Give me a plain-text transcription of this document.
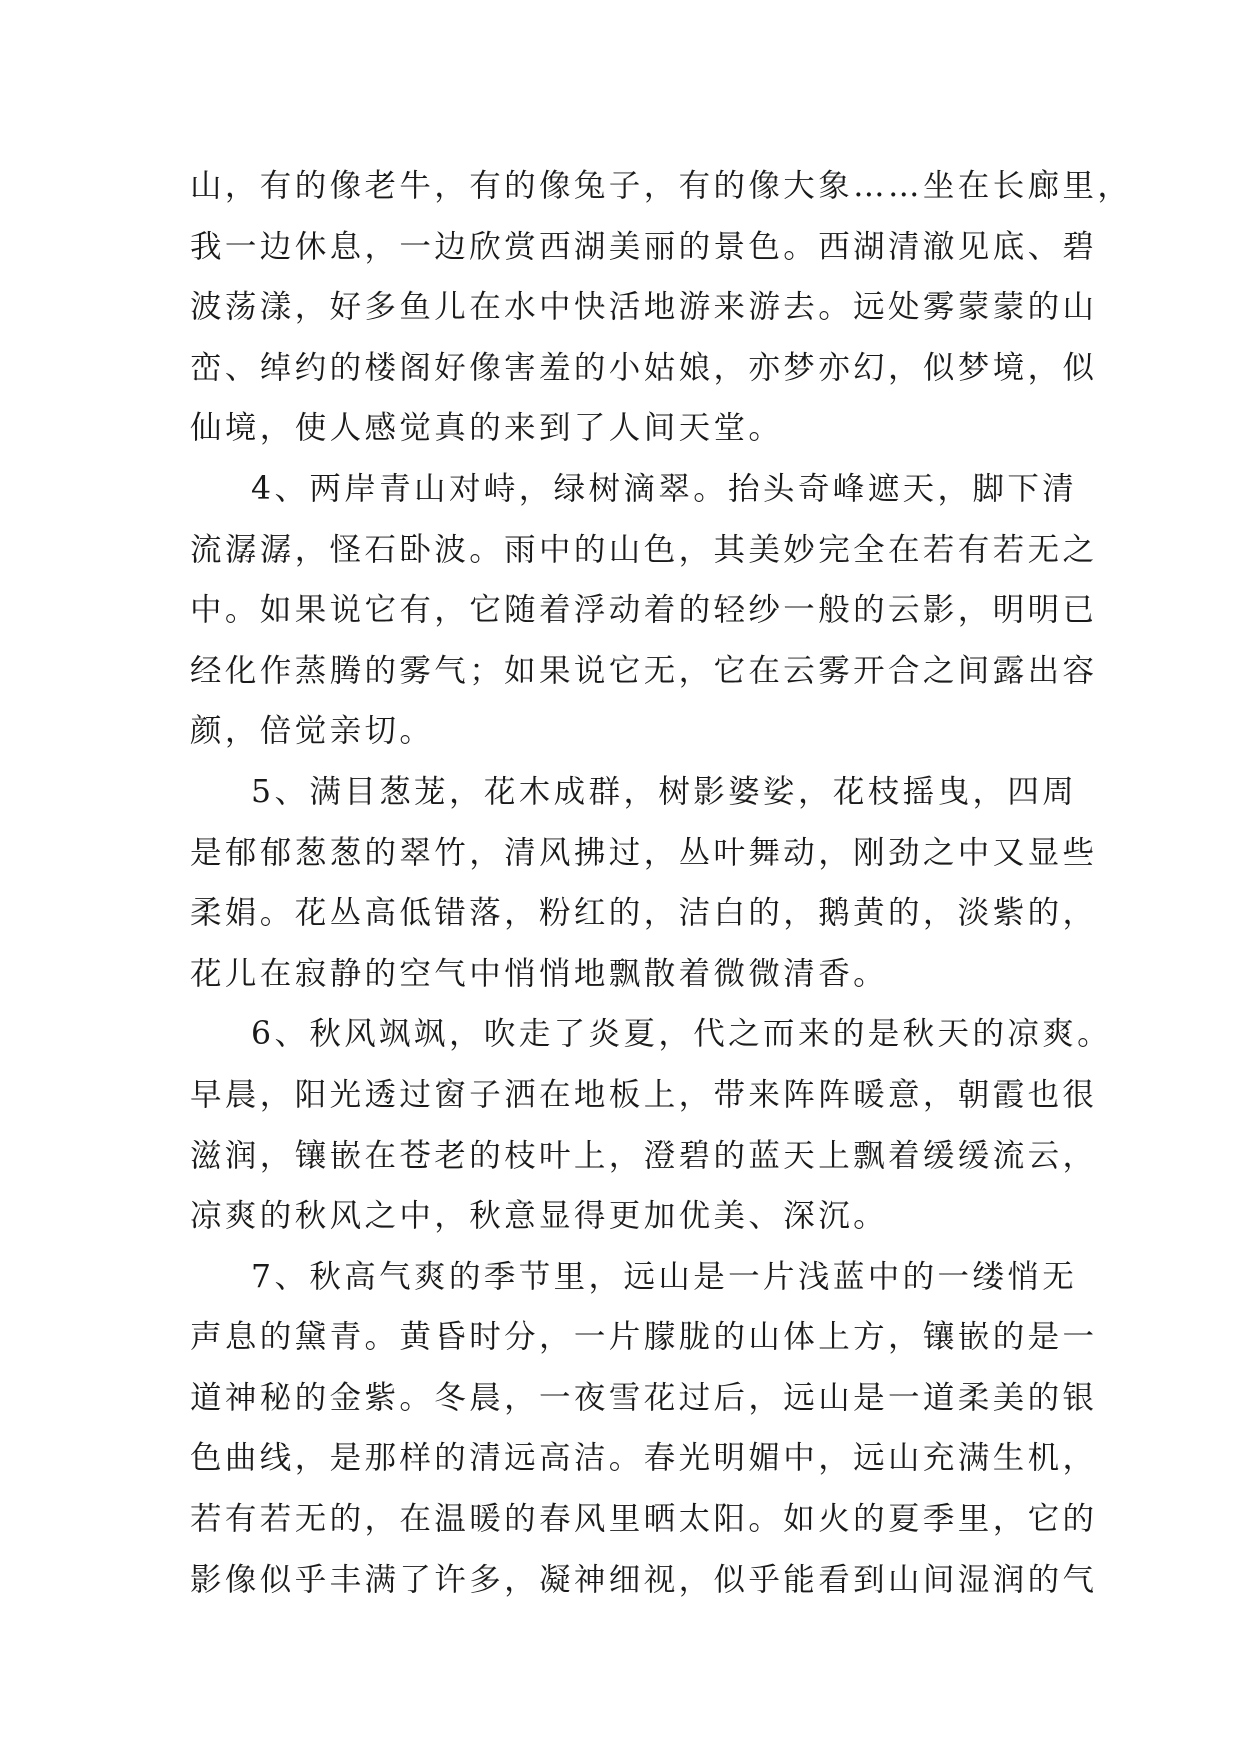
山，有的像老牛，有的像兔子，有的像大象……坐在长廊里，
我一边休息，一边欣赏西湖美丽的景色。西湖清澈见底、碧
波荡漾，好多鱼儿在水中快活地游来游去。远处雾蒙蒙的山
峦、绰约的楼阁好像害羞的小姑娘，亦梦亦幻，似梦境，似
仙境，使人感觉真的来到了人间天堂。
4、两岸青山对峙，绿树滴翠。抬头奇峰遮天，脚下清
流潺潺，怪石卧波。雨中的山色，其美妙完全在若有若无之
中。如果说它有，它随着浮动着的轻纱一般的云影，明明已
经化作蒸腾的雾气；如果说它无，它在云雾开合之间露出容
颜，倍觉亲切。
5、满目葱茏，花木成群，树影婆娑，花枝摇曳，四周
是郁郁葱葱的翠竹，清风拂过，丛叶舞动，刚劲之中又显些
柔娟。花丛高低错落，粉红的，洁白的，鹅黄的，淡紫的，
花儿在寂静的空气中悄悄地飘散着微微清香。
6、秋风飒飒，吹走了炎夏，代之而来的是秋天的凉爽。
早晨，阳光透过窗子洒在地板上，带来阵阵暖意，朝霞也很
滋润，镶嵌在苍老的枝叶上，澄碧的蓝天上飘着缓缓流云，
凉爽的秋风之中，秋意显得更加优美、深沉。
7、秋高气爽的季节里，远山是一片浅蓝中的一缕悄无
声息的黛青。黄昏时分，一片朦胧的山体上方，镶嵌的是一
道神秘的金紫。冬晨，一夜雪花过后，远山是一道柔美的银
色曲线，是那样的清远高洁。春光明媚中，远山充满生机，
若有若无的，在温暖的春风里晒太阳。如火的夏季里，它的
影像似乎丰满了许多，凝神细视，似乎能看到山间湿润的气
